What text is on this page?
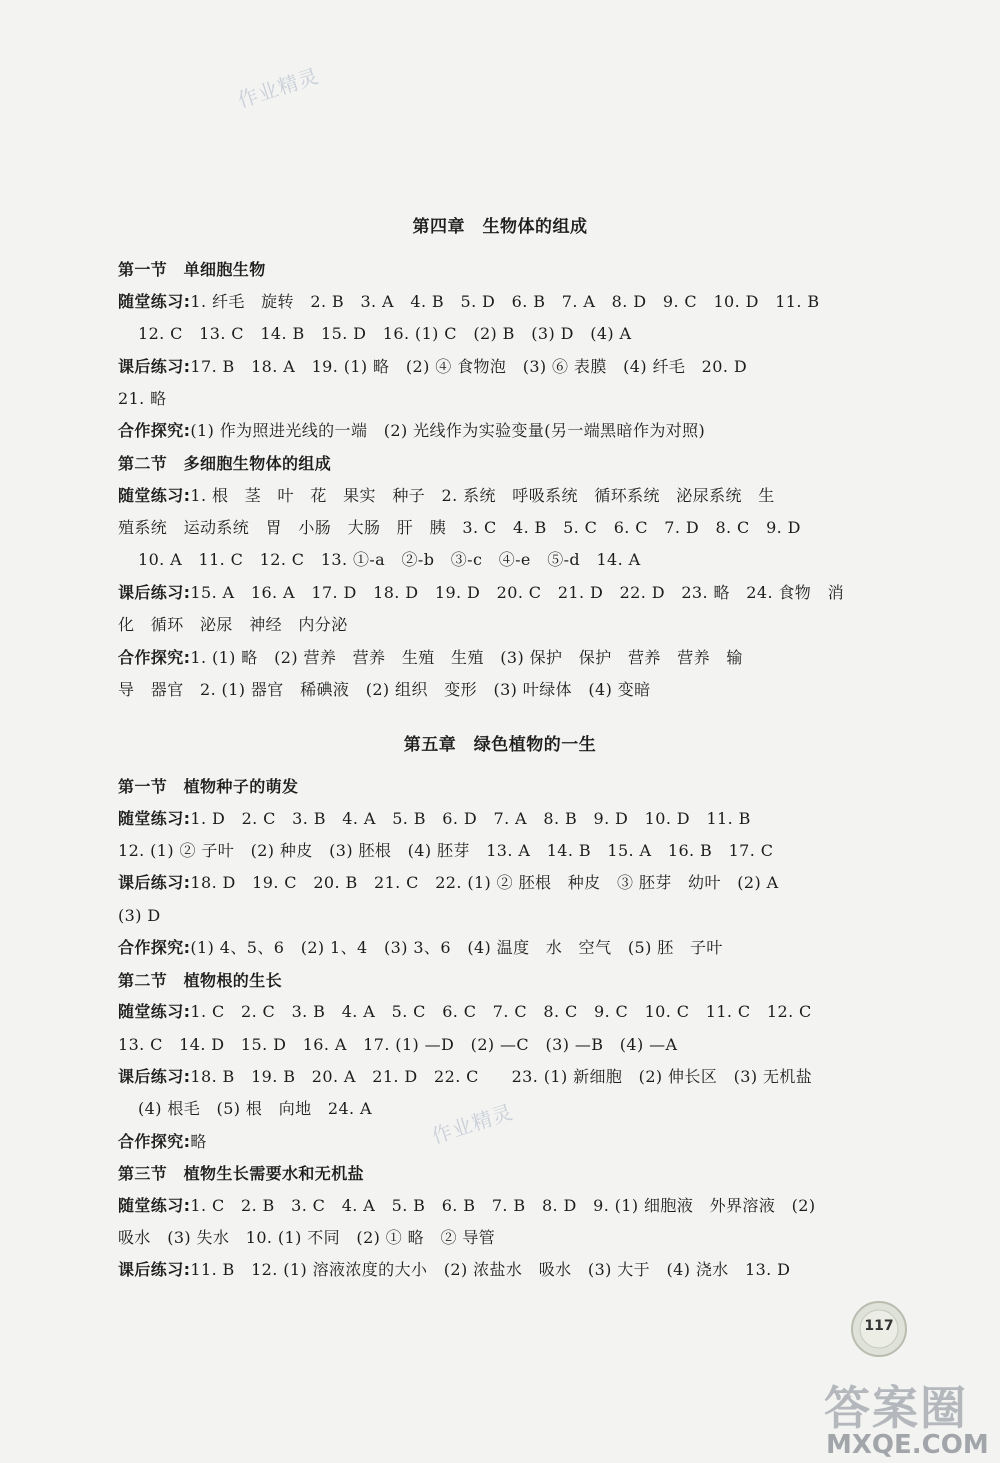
作业精灵
作业精灵
第四章　生物体的组成
第一节　单细胞生物
随堂练习:1. 纤毛　旋转　2. B　3. A　4. B　5. D　6. B　7. A　8. D　9. C　10. D　11. B
12. C　13. C　14. B　15. D　16. (1) C　(2) B　(3) D　(4) A
课后练习:17. B　18. A　19. (1) 略　(2) ④ 食物泡　(3) ⑥ 表膜　(4) 纤毛　20. D
21. 略
合作探究:(1) 作为照进光线的一端　(2) 光线作为实验变量(另一端黑暗作为对照)
第二节　多细胞生物体的组成
随堂练习:1. 根　茎　叶　花　果实　种子　2. 系统　呼吸系统　循环系统　泌尿系统　生
殖系统　运动系统　胃　小肠　大肠　肝　胰　3. C　4. B　5. C　6. C　7. D　8. C　9. D
10. A　11. C　12. C　13. ①-a　②-b　③-c　④-e　⑤-d　14. A
课后练习:15. A　16. A　17. D　18. D　19. D　20. C　21. D　22. D　23. 略　24. 食物　消
化　循环　泌尿　神经　内分泌
合作探究:1. (1) 略　(2) 营养　营养　生殖　生殖　(3) 保护　保护　营养　营养　输
导　器官　2. (1) 器官　稀碘液　(2) 组织　变形　(3) 叶绿体　(4) 变暗
第五章　绿色植物的一生
第一节　植物种子的萌发
随堂练习:1. D　2. C　3. B　4. A　5. B　6. D　7. A　8. B　9. D　10. D　11. B
12. (1) ② 子叶　(2) 种皮　(3) 胚根　(4) 胚芽　13. A　14. B　15. A　16. B　17. C
课后练习:18. D　19. C　20. B　21. C　22. (1) ② 胚根　种皮　③ 胚芽　幼叶　(2) A
(3) D
合作探究:(1) 4、5、6　(2) 1、4　(3) 3、6　(4) 温度　水　空气　(5) 胚　子叶
第二节　植物根的生长
随堂练习:1. C　2. C　3. B　4. A　5. C　6. C　7. C　8. C　9. C　10. C　11. C　12. C
13. C　14. D　15. D　16. A　17. (1) —D　(2) —C　(3) —B　(4) —A
课后练习:18. B　19. B　20. A　21. D　22. C　　23. (1) 新细胞　(2) 伸长区　(3) 无机盐
(4) 根毛　(5) 根　向地　24. A
合作探究:略
第三节　植物生长需要水和无机盐
随堂练习:1. C　2. B　3. C　4. A　5. B　6. B　7. B　8. D　9. (1) 细胞液　外界溶液　(2)
吸水　(3) 失水　10. (1) 不同　(2) ① 略　② 导管
课后练习:11. B　12. (1) 溶液浓度的大小　(2) 浓盐水　吸水　(3) 大于　(4) 浇水　13. D
117
答案圈
MXQE.COM
